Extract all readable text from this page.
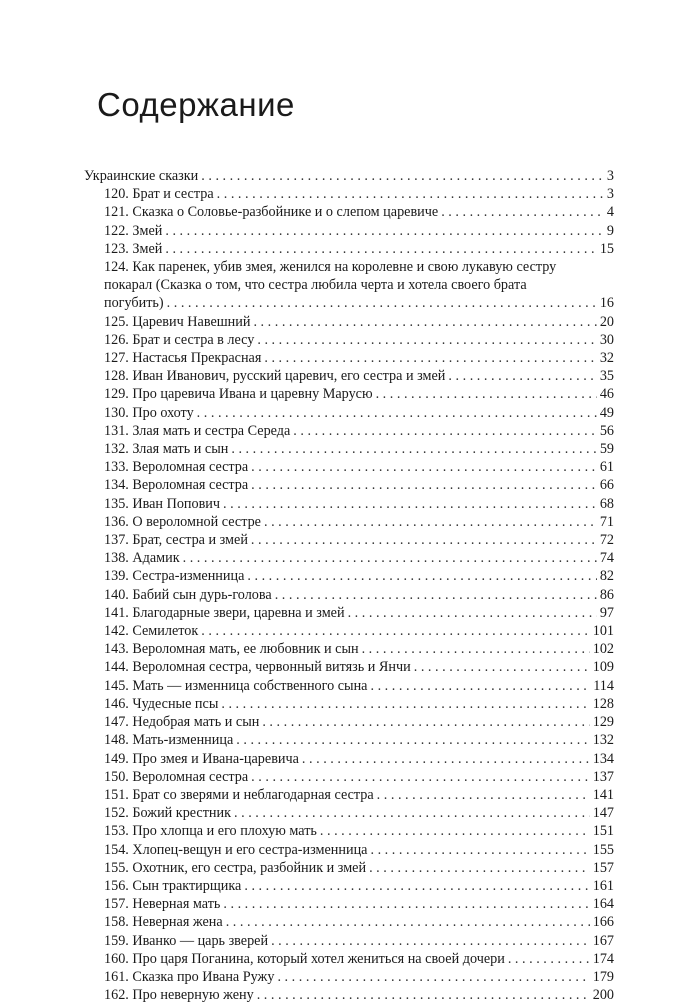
Содержание
Украинские сказки . . .	3
120. Брат и сестра . . .	3
121. Сказка о Соловье-разбойнике и о слепом царевиче . . .	4
122. Змей . . .	9
123. Змей . . .	15
124. Как паренек, убив змея, женился на королевне и свою лукавую сестру
покарал (Сказка о том, что сестра любила черта и хотела своего брата
погубить) . . .	16
125. Царевич Навешний . . .	20
126. Брат и сестра в лесу . . .	30
127. Настасья Прекрасная . . .	32
128. Иван Иванович, русский царевич, его сестра и змей . . .	35
129. Про царевича Ивана и царевну Марусю . . .	46
130. Про охоту . . .	49
131. Злая мать и сестра Середа . . .	56
132. Злая мать и сын . . .	59
133. Вероломная сестра . . .	61
134. Вероломная сестра . . .	66
135. Иван Попович . . .	68
136. О вероломной сестре . . .	71
137. Брат, сестра и змей . . .	72
138. Адамик . . .	74
139. Сестра-изменница . . .	82
140. Бабий сын дурь-голова . . .	86
141. Благодарные звери, царевна и змей . . .	97
142. Семилеток . . .	101
143. Вероломная мать, ее любовник и сын . . .	102
144. Вероломная сестра, червонный витязь и Янчи . . .	109
145. Мать — изменница собственного сына . . .	114
146. Чудесные псы . . .	128
147. Недобрая мать и сын . . .	129
148. Мать-изменница . . .	132
149. Про змея и Ивана-царевича . . .	134
150. Вероломная сестра . . .	137
151. Брат со зверями и неблагодарная сестра . . .	141
152. Божий крестник . . .	147
153. Про хлопца и его плохую мать . . .	151
154. Хлопец-вещун и его сестра-изменница . . .	155
155. Охотник, его сестра, разбойник и змей . . .	157
156. Сын трактирщика . . .	161
157. Неверная мать . . .	164
158. Неверная жена . . .	166
159. Иванко — царь зверей . . .	167
160. Про царя Поганина, который хотел жениться на своей дочери . . .	174
161. Сказка про Ивана Ружу . . .	179
162. Про неверную жену . . .	200
